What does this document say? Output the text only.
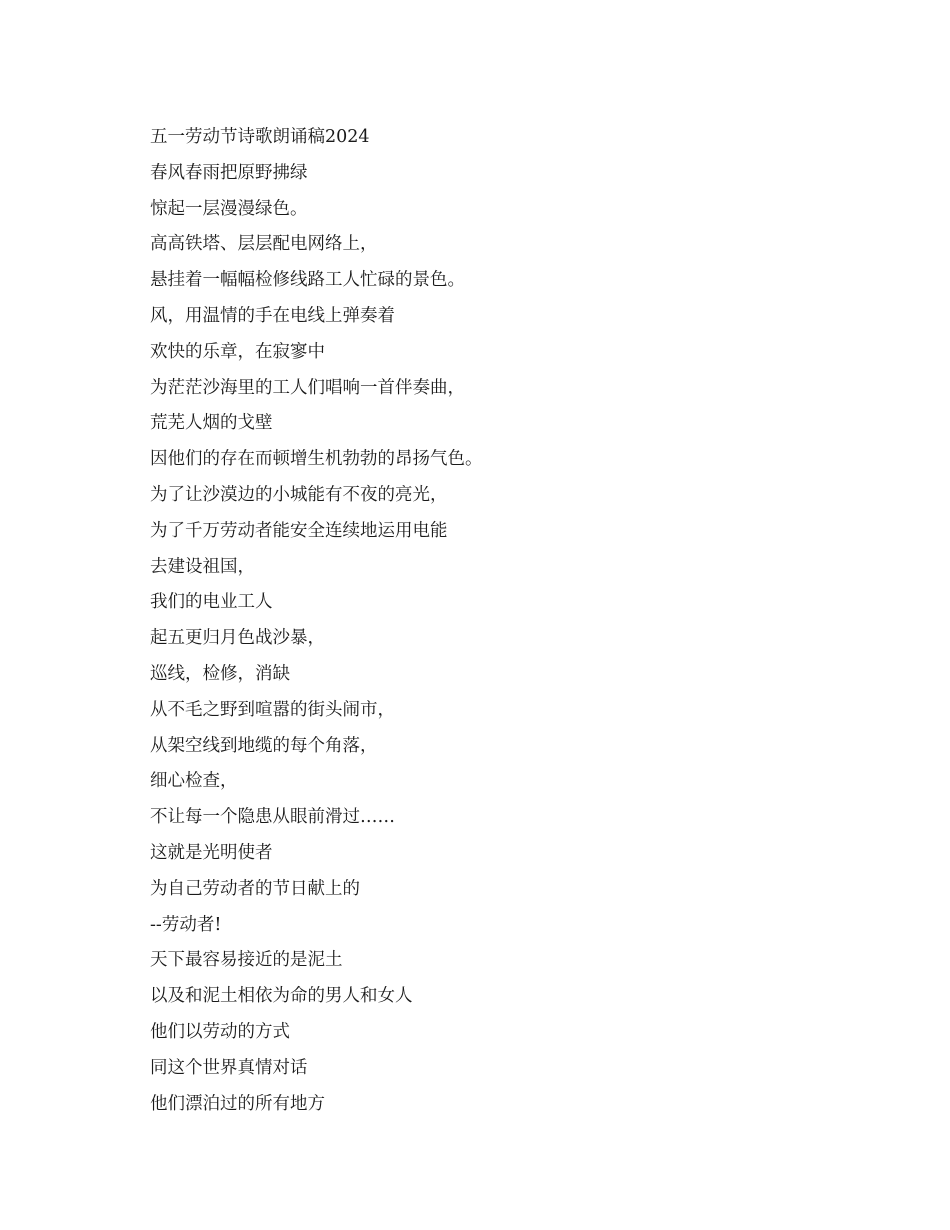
五一劳动节诗歌朗诵稿2024
春风春雨把原野拂绿
惊起一层漫漫绿色。
高高铁塔、层层配电网络上，
悬挂着一幅幅检修线路工人忙碌的景色。
风，用温情的手在电线上弹奏着
欢快的乐章，在寂寥中
为茫茫沙海里的工人们唱响一首伴奏曲，
荒芜人烟的戈壁
因他们的存在而顿增生机勃勃的昂扬气色。
为了让沙漠边的小城能有不夜的亮光，
为了千万劳动者能安全连续地运用电能
去建设祖国，
我们的电业工人
起五更归月色战沙暴，
巡线，检修，消缺
从不毛之野到喧嚣的街头闹市，
从架空线到地缆的每个角落，
细心检查，
不让每一个隐患从眼前滑过……
这就是光明使者
为自己劳动者的节日献上的
--劳动者!
天下最容易接近的是泥土
以及和泥土相依为命的男人和女人
他们以劳动的方式
同这个世界真情对话
他们漂泊过的所有地方
